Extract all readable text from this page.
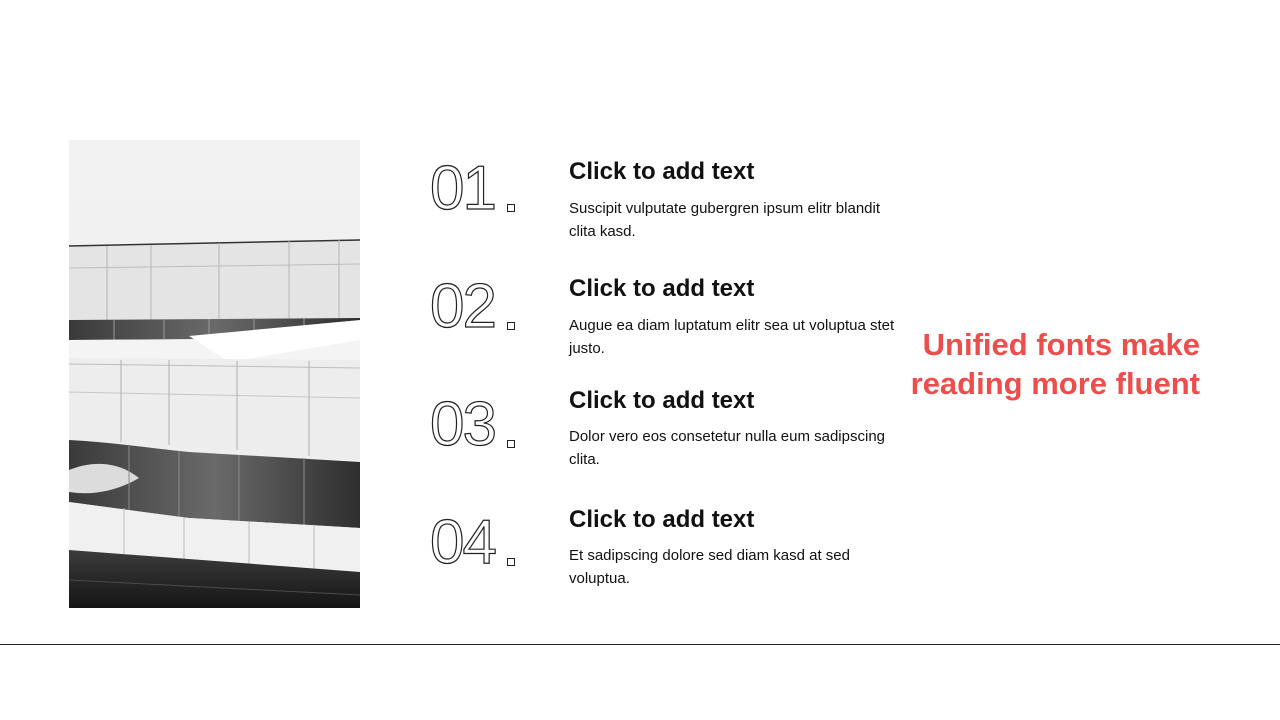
01	Click to add text
Suscipit vulputate gubergren ipsum elitr blandit clita kasd.
02	Click to add text
Augue ea diam luptatum elitr sea ut voluptua stet justo.
03	Click to add text
Dolor vero eos consetetur nulla eum sadipscing clita.
04	Click to add text
Et sadipscing dolore sed diam kasd at sed voluptua.
Unified fonts make reading more fluent
